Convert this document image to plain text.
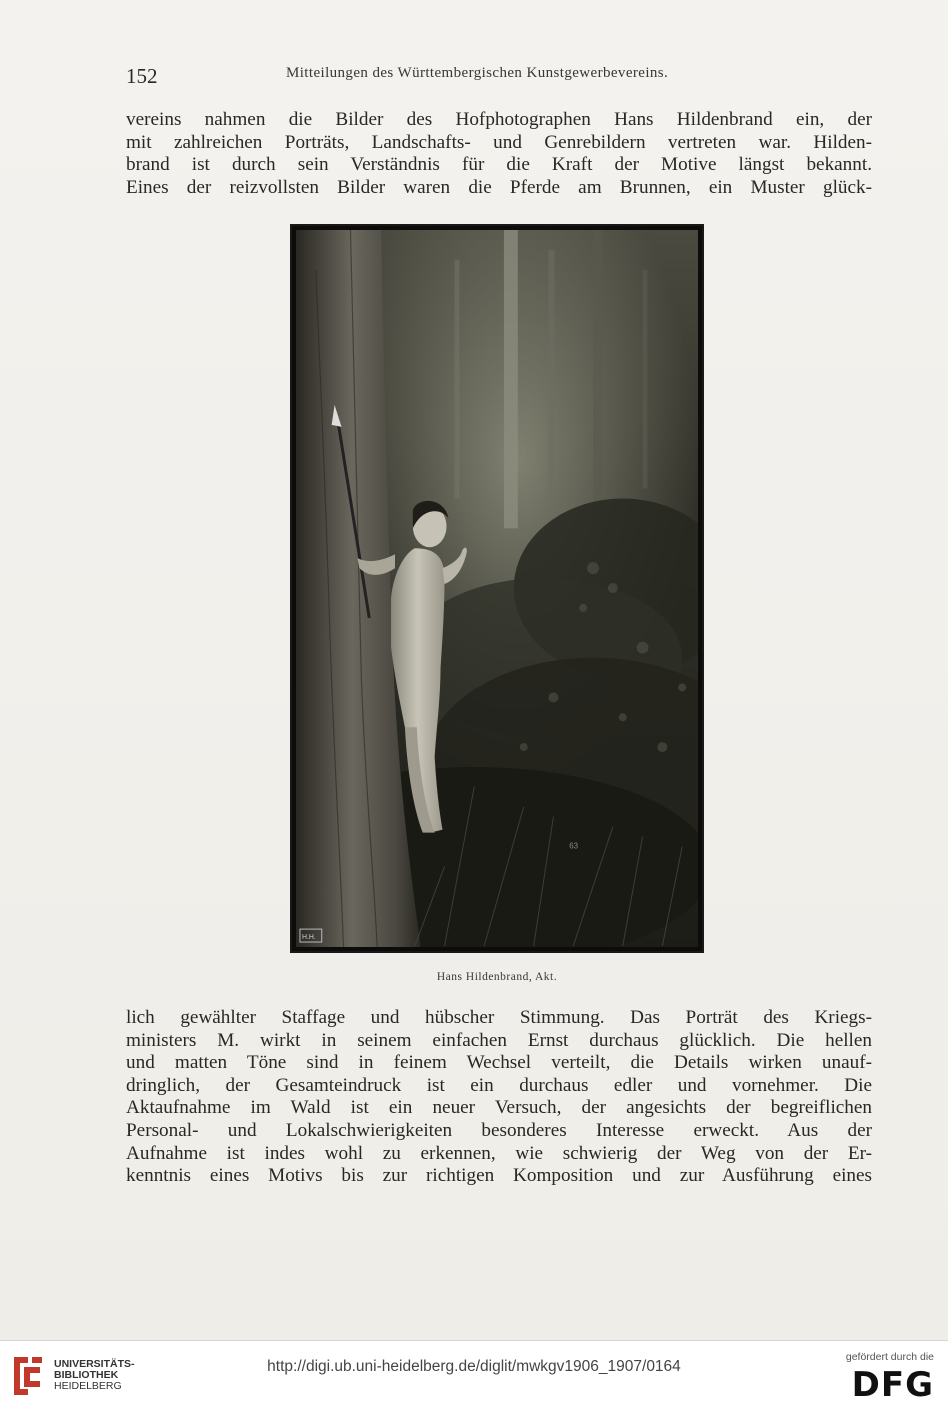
152	Mitteilungen des Württembergischen Kunstgewerbevereins.
vereins nahmen die Bilder des Hofphotographen Hans Hildenbrand ein, der
mit zahlreichen Porträts, Landschafts- und Genrebildern vertreten war. Hilden-
brand ist durch sein Verständnis für die Kraft der Motive längst bekannt.
Eines der reizvollsten Bilder waren die Pferde am Brunnen, ein Muster glück-
63
H.H.
Hans Hildenbrand, Akt.
lich gewählter Staffage und hübscher Stimmung. Das Porträt des Kriegs-
ministers M. wirkt in seinem einfachen Ernst durchaus glücklich. Die hellen
und matten Töne sind in feinem Wechsel verteilt, die Details wirken unauf-
dringlich, der Gesamteindruck ist ein durchaus edler und vornehmer. Die
Aktaufnahme im Wald ist ein neuer Versuch, der angesichts der begreiflichen
Personal- und Lokalschwierigkeiten besonderes Interesse erweckt. Aus der
Aufnahme ist indes wohl zu erkennen, wie schwierig der Weg von der Er-
kenntnis eines Motivs bis zur richtigen Komposition und zur Ausführung eines
UNIVERSITÄTS-
BIBLIOTHEK
HEIDELBERG
http://digi.ub.uni-heidelberg.de/diglit/mwkgv1906_1907/0164
gefördert durch die
DFG
